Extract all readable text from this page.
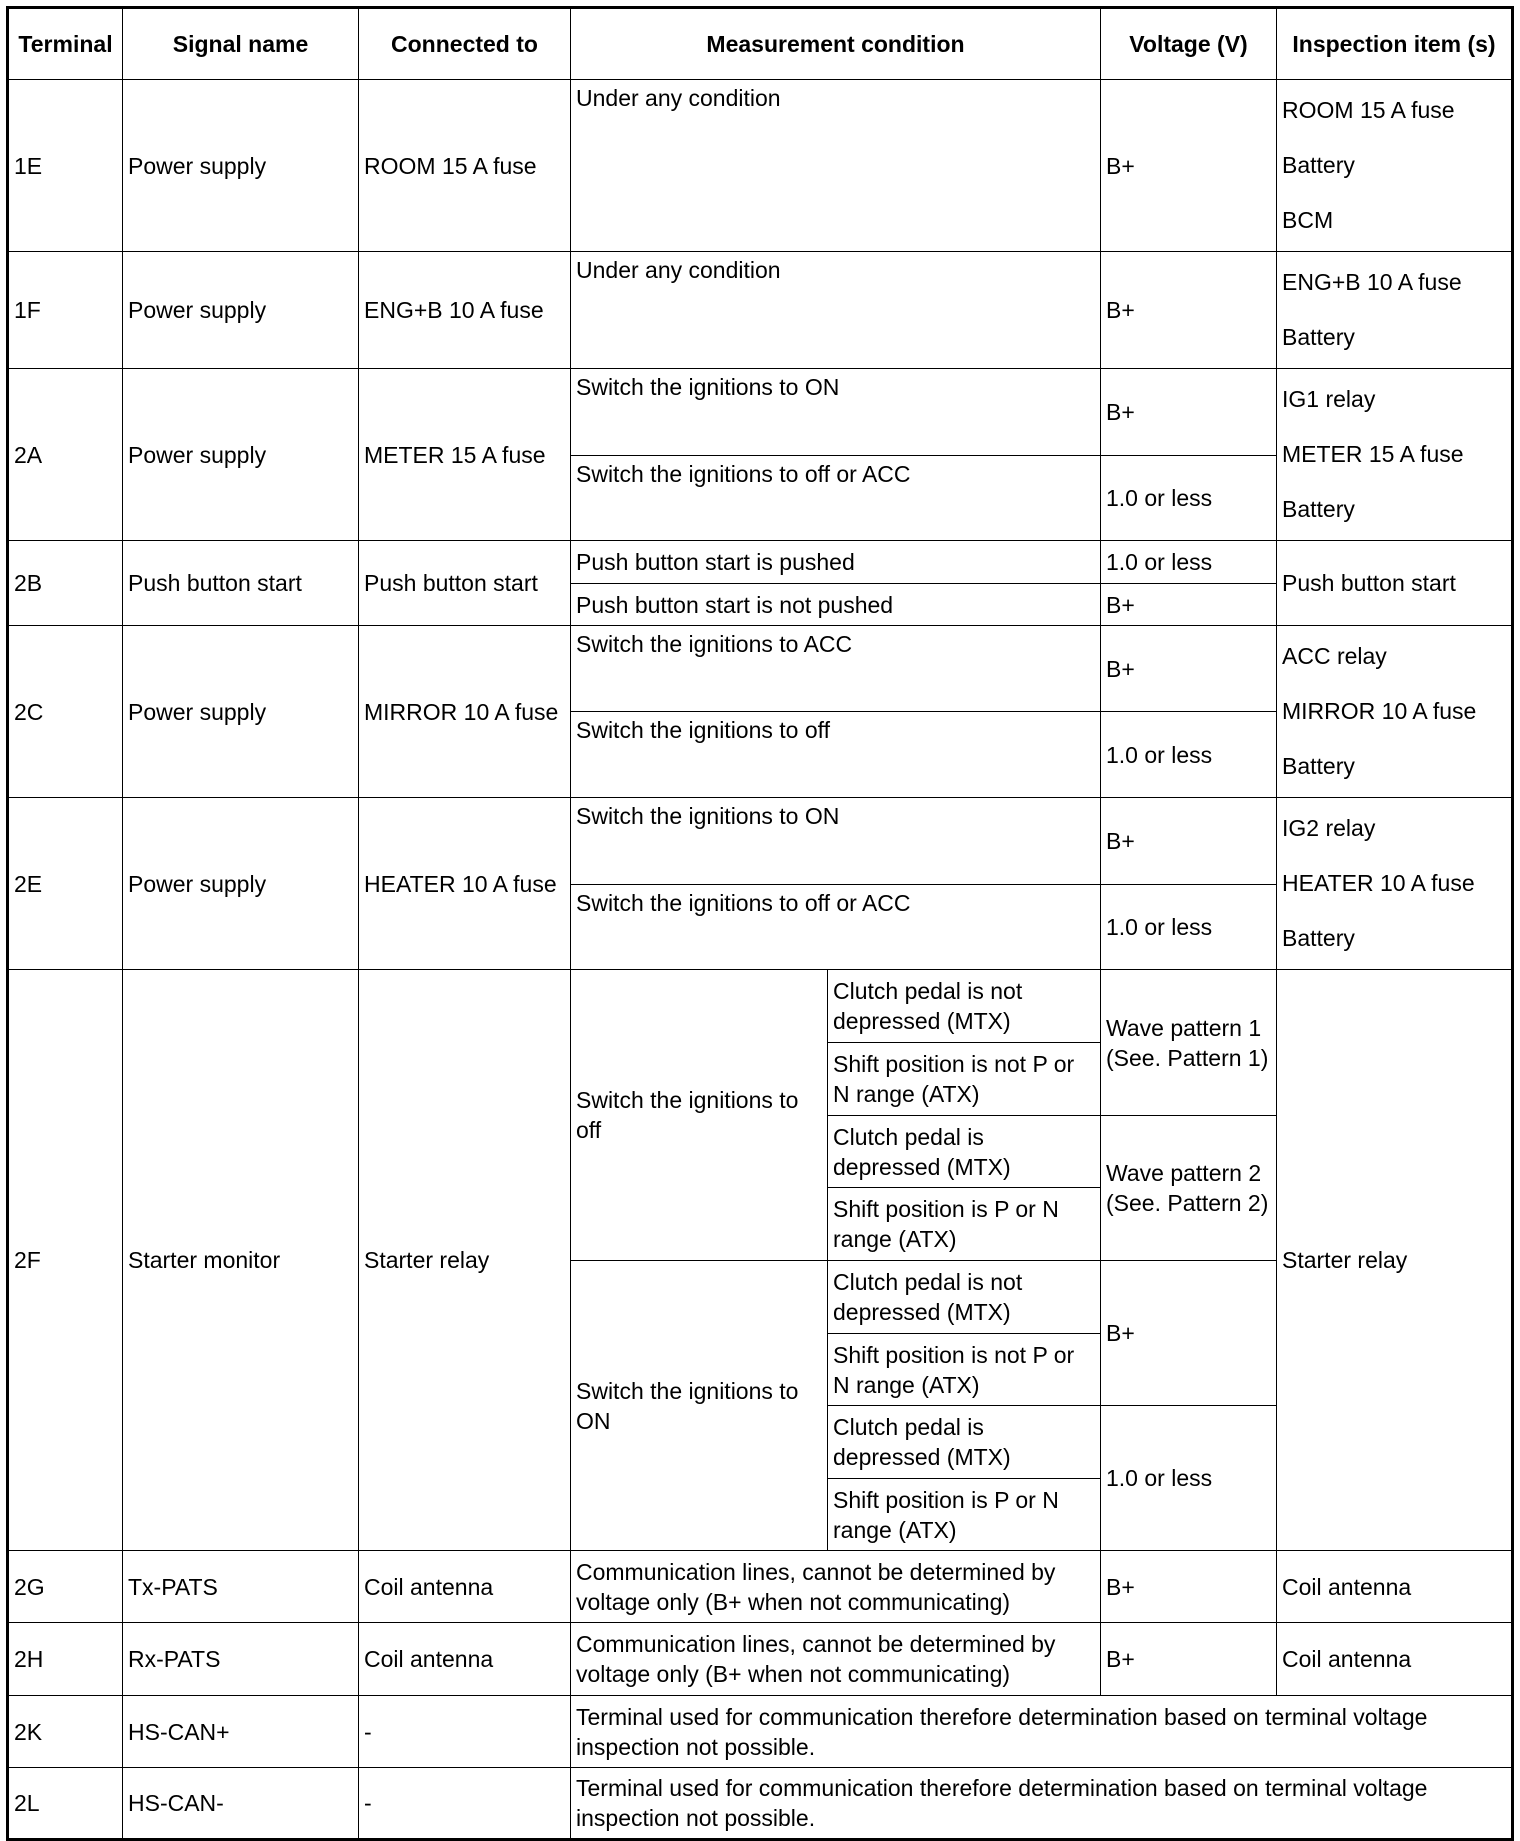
Terminal	Signal name	Connected to	Measurement condition		Voltage (V)	Inspection item (s)
1E	Power supply	ROOM 15 A fuse	Under any condition		B+	ROOM 15 A fuse
Battery
BCM

1F	Power supply	ENG+B 10 A fuse	Under any condition		B+	ENG+B 10 A fuse
Battery

2A	Power supply	METER 15 A fuse	Switch the ignitions to ON		B+	IG1 relay
METER 15 A fuse
Battery

			Switch the ignitions to off or ACC		1.0 or less	
2B	Push button start	Push button start	Push button start is pushed		1.0 or less	Push button start
			Push button start is not pushed		B+	
2C	Power supply	MIRROR 10 A fuse	Switch the ignitions to ACC		B+	ACC relay
MIRROR 10 A fuse
Battery

			Switch the ignitions to off		1.0 or less	
2E	Power supply	HEATER 10 A fuse	Switch the ignitions to ON		B+	IG2 relay
HEATER 10 A fuse
Battery

			Switch the ignitions to off or ACC		1.0 or less	
2F	Starter monitor	Starter relay	Switch the ignitions to off	Clutch pedal is not depressed (MTX)	Wave pattern 1 (See. Pattern 1)	Starter relay
				Shift position is not P or N range (ATX)		
				Clutch pedal is depressed (MTX)	Wave pattern 2 (See. Pattern 2)	
				Shift position is P or N range (ATX)		
			Switch the ignitions to ON	Clutch pedal is not depressed (MTX)	B+	
				Shift position is not P or N range (ATX)		
				Clutch pedal is depressed (MTX)	1.0 or less	
				Shift position is P or N range (ATX)		
2G	Tx-PATS	Coil antenna	Communication lines, cannot be determined by voltage only (B+ when not communicating)		B+	Coil antenna
2H	Rx-PATS	Coil antenna	Communication lines, cannot be determined by voltage only (B+ when not communicating)		B+	Coil antenna
2K	HS-CAN+	-	Terminal used for communication therefore determination based on terminal voltage inspection not possible.			
2L	HS-CAN-	-	Terminal used for communication therefore determination based on terminal voltage inspection not possible.			
